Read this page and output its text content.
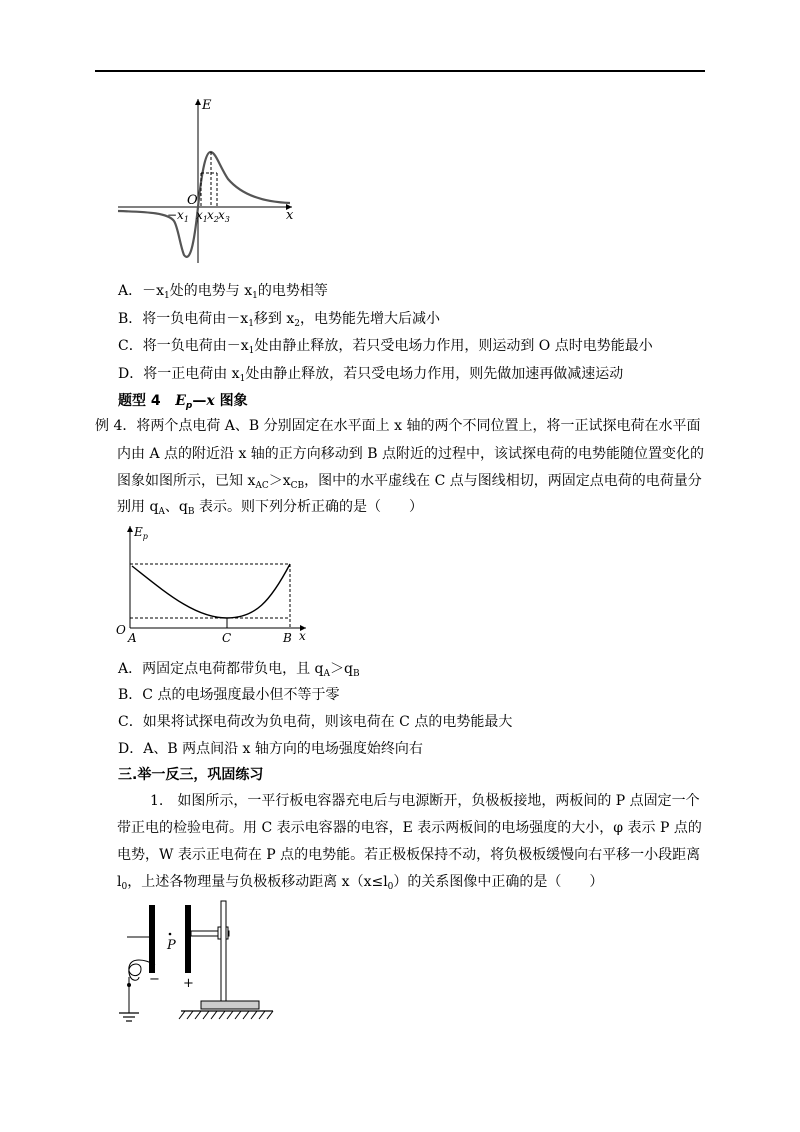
E
x
O
$-x_1$ $x_1$ $x_2$ $x_3$
A．$-x_1$处的电势与 $x_1$的电势相等
B．将一负电荷由$-x_1$移到 $x_2$，电势能先增大后减小
C．将一负电荷由$-x_1$处由静止释放，若只受电场力作用，则运动到 O 点时电势能最小
D．将一正电荷由 $x_1$处由静止释放，若只受电场力作用，则先做加速再做减速运动
题型 4 $E_p—x$ 图象
例 4．将两个点电荷 A、B 分别固定在水平面上 x 轴的两个不同位置上，将一正试探电荷在水平面
内由 A 点的附近沿 x 轴的正方向移动到 B 点附近的过程中，该试探电荷的电势能随位置变化的
图象如图所示，已知 $x_{AC}>x_{CB}$，图中的水平虚线在 C 点与图线相切，两固定点电荷的电荷量分
别用 $q_A$、$q_B$ 表示。则下列分析正确的是（　　）
$E_p$
O
A	C	B x
A．两固定点电荷都带负电，且 $q_A>q_B$
B．C 点的电场强度最小但不等于零
C．如果将试探电荷改为负电荷，则该电荷在 C 点的电势能最大
D．A、B 两点间沿 x 轴方向的电场强度始终向右
三.举一反三，巩固练习
1.　如图所示，一平行板电容器充电后与电源断开，负极板接地，两板间的 P 点固定一个
带正电的检验电荷。用 C 表示电容器的电容，E 表示两板间的电场强度的大小，φ 表示 P 点的
电势，W 表示正电荷在 P 点的电势能。若正极板保持不动，将负极板缓慢向右平移一小段距离
$l_0$，上述各物理量与负极板移动距离 $x(x\le l_0)$的关系图像中正确的是（　　）
−
P
+
